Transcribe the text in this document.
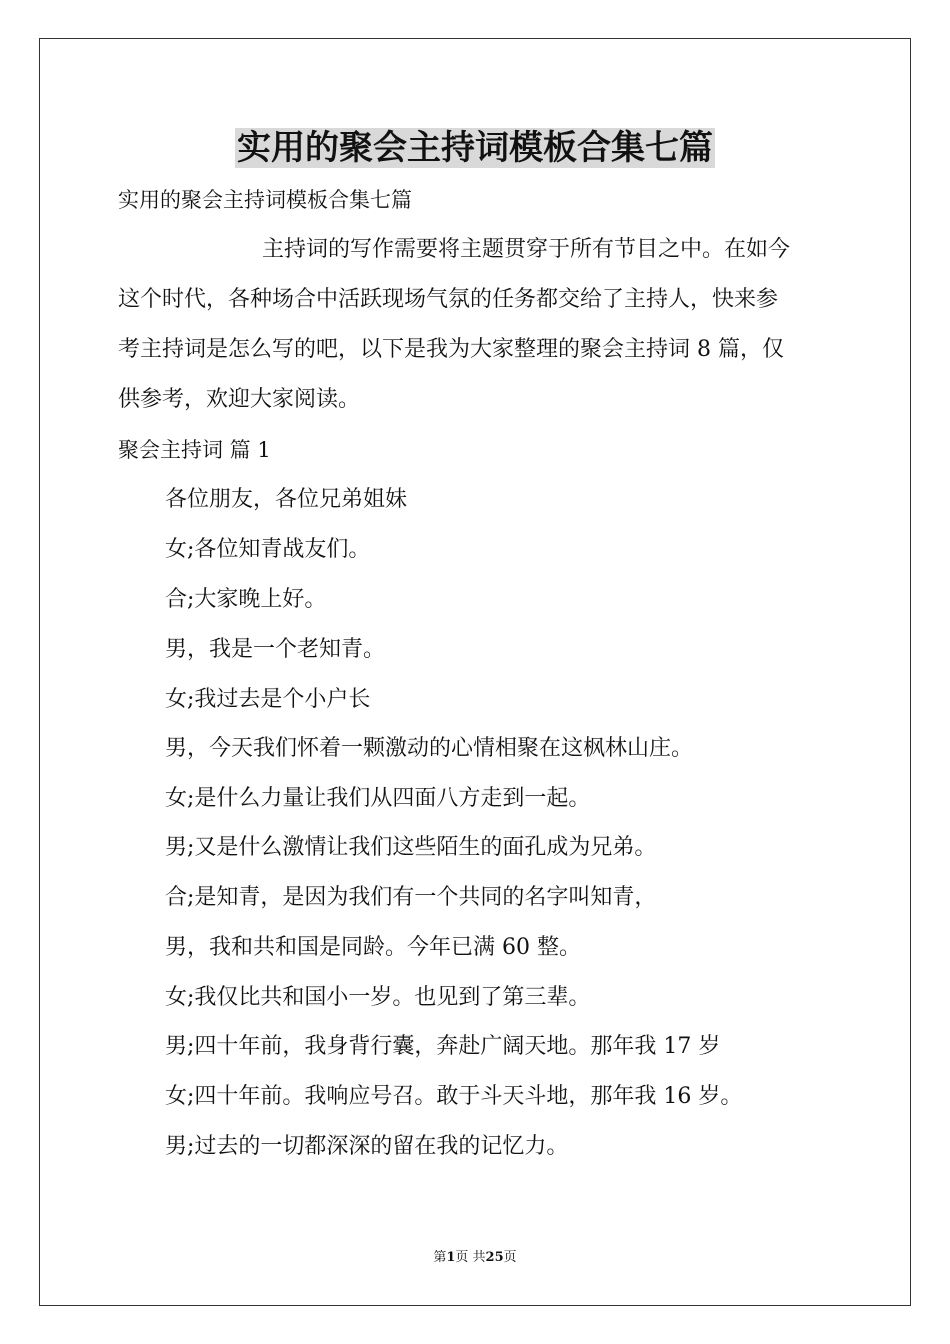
实用的聚会主持词模板合集七篇

实用的聚会主持词模板合集七篇

主持词的写作需要将主题贯穿于所有节目之中。在如今

这个时代，各种场合中活跃现场气氛的任务都交给了主持人，快来参

考主持词是怎么写的吧，以下是我为大家整理的聚会主持词 8 篇，仅

供参考，欢迎大家阅读。

聚会主持词 篇 1

各位朋友，各位兄弟姐妹

女;各位知青战友们。

合;大家晚上好。

男，我是一个老知青。

女;我过去是个小户长

男，今天我们怀着一颗激动的心情相聚在这枫林山庄。

女;是什么力量让我们从四面八方走到一起。

男;又是什么激情让我们这些陌生的面孔成为兄弟。

合;是知青，是因为我们有一个共同的名字叫知青，

男，我和共和国是同龄。今年已满 60 整。

女;我仅比共和国小一岁。也见到了第三辈。

男;四十年前，我身背行囊，奔赴广阔天地。那年我 17 岁

女;四十年前。我响应号召。敢于斗天斗地，那年我 16 岁。

男;过去的一切都深深的留在我的记忆力。

第1页 共25页
